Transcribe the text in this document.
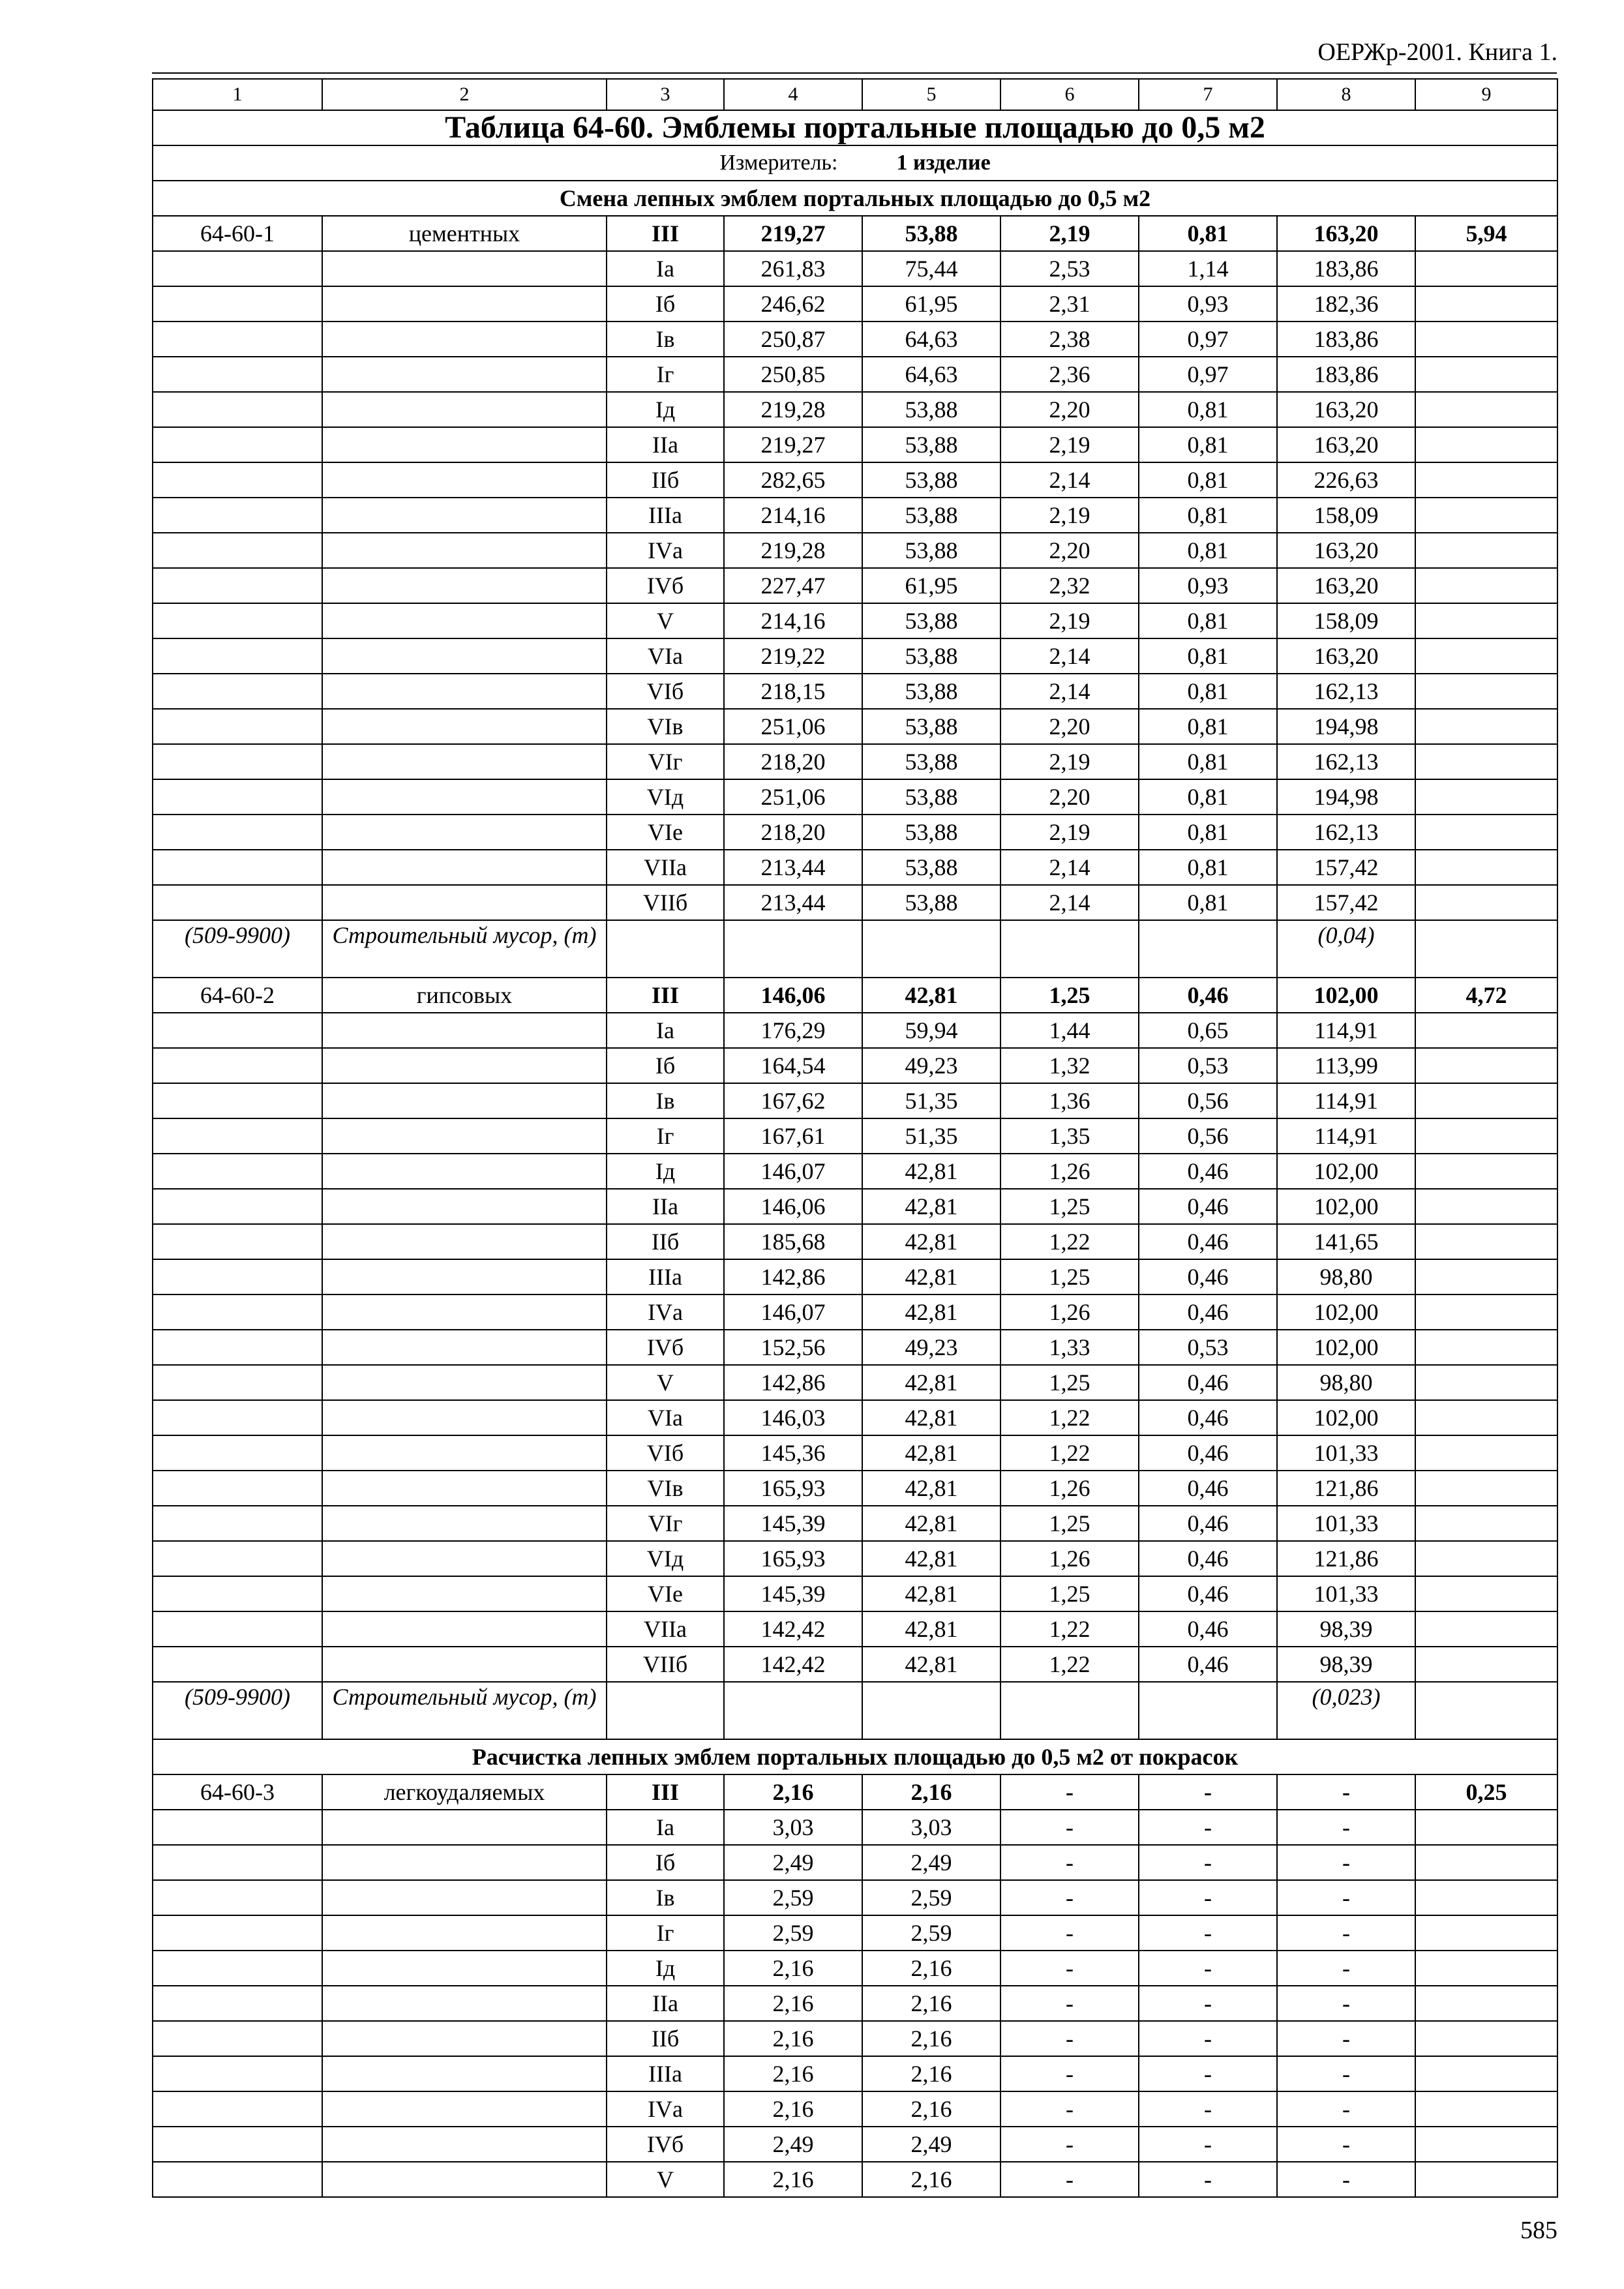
ОЕРЖр-2001. Книга 1.
1	2	3	4	5	6	7	8	9
Таблица 64-60. Эмблемы портальные площадью до 0,5 м2								
Измеритель: 1 изделие								
Смена лепных эмблем портальных площадью до 0,5 м2								
64-60-1	цементных	III	219,27	53,88	2,19	0,81	163,20	5,94
		Iа	261,83	75,44	2,53	1,14	183,86	
		Iб	246,62	61,95	2,31	0,93	182,36	
		Iв	250,87	64,63	2,38	0,97	183,86	
		Iг	250,85	64,63	2,36	0,97	183,86	
		Iд	219,28	53,88	2,20	0,81	163,20	
		IIа	219,27	53,88	2,19	0,81	163,20	
		IIб	282,65	53,88	2,14	0,81	226,63	
		IIIа	214,16	53,88	2,19	0,81	158,09	
		IVа	219,28	53,88	2,20	0,81	163,20	
		IVб	227,47	61,95	2,32	0,93	163,20	
		V	214,16	53,88	2,19	0,81	158,09	
		VIа	219,22	53,88	2,14	0,81	163,20	
		VIб	218,15	53,88	2,14	0,81	162,13	
		VIв	251,06	53,88	2,20	0,81	194,98	
		VIг	218,20	53,88	2,19	0,81	162,13	
		VIд	251,06	53,88	2,20	0,81	194,98	
		VIе	218,20	53,88	2,19	0,81	162,13	
		VIIа	213,44	53,88	2,14	0,81	157,42	
		VIIб	213,44	53,88	2,14	0,81	157,42	
(509-9900)	Строительный мусор, (т)						(0,04)	
64-60-2	гипсовых	III	146,06	42,81	1,25	0,46	102,00	4,72
		Iа	176,29	59,94	1,44	0,65	114,91	
		Iб	164,54	49,23	1,32	0,53	113,99	
		Iв	167,62	51,35	1,36	0,56	114,91	
		Iг	167,61	51,35	1,35	0,56	114,91	
		Iд	146,07	42,81	1,26	0,46	102,00	
		IIа	146,06	42,81	1,25	0,46	102,00	
		IIб	185,68	42,81	1,22	0,46	141,65	
		IIIа	142,86	42,81	1,25	0,46	98,80	
		IVа	146,07	42,81	1,26	0,46	102,00	
		IVб	152,56	49,23	1,33	0,53	102,00	
		V	142,86	42,81	1,25	0,46	98,80	
		VIа	146,03	42,81	1,22	0,46	102,00	
		VIб	145,36	42,81	1,22	0,46	101,33	
		VIв	165,93	42,81	1,26	0,46	121,86	
		VIг	145,39	42,81	1,25	0,46	101,33	
		VIд	165,93	42,81	1,26	0,46	121,86	
		VIе	145,39	42,81	1,25	0,46	101,33	
		VIIа	142,42	42,81	1,22	0,46	98,39	
		VIIб	142,42	42,81	1,22	0,46	98,39	
(509-9900)	Строительный мусор, (т)						(0,023)	
Расчистка лепных эмблем портальных площадью до 0,5 м2 от покрасок								
64-60-3	легкоудаляемых	III	2,16	2,16	-	-	-	0,25
		Iа	3,03	3,03	-	-	-	
		Iб	2,49	2,49	-	-	-	
		Iв	2,59	2,59	-	-	-	
		Iг	2,59	2,59	-	-	-	
		Iд	2,16	2,16	-	-	-	
		IIа	2,16	2,16	-	-	-	
		IIб	2,16	2,16	-	-	-	
		IIIа	2,16	2,16	-	-	-	
		IVа	2,16	2,16	-	-	-	
		IVб	2,49	2,49	-	-	-	
		V	2,16	2,16	-	-	-	
585
